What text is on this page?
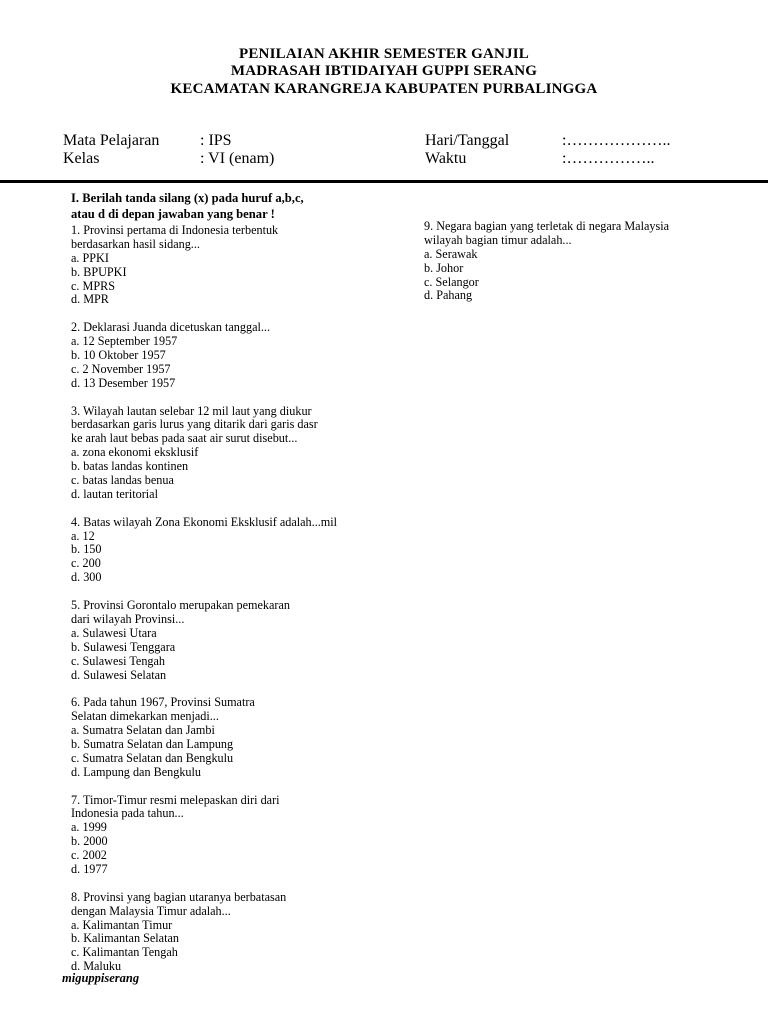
PENILAIAN AKHIR SEMESTER GANJIL
MADRASAH IBTIDAIYAH GUPPI SERANG
KECAMATAN KARANGREJA KABUPATEN PURBALINGGA
Mata Pelajaran	: IPS
Kelas	: VI (enam)
Hari/Tanggal	:………………..
Waktu	:……………..
I. Berilah tanda silang (x) pada huruf a,b,c,
atau d di depan jawaban yang benar !
1. Provinsi pertama di Indonesia terbentuk
berdasarkan hasil sidang...
a. PPKI
b. BPUPKI
c. MPRS
d. MPR
2. Deklarasi Juanda dicetuskan tanggal...
a. 12 September 1957
b. 10 Oktober 1957
c. 2 November 1957
d. 13 Desember 1957
3. Wilayah lautan selebar 12 mil laut yang diukur
berdasarkan garis lurus yang ditarik dari garis dasr
ke arah laut bebas pada saat air surut disebut...
a. zona ekonomi eksklusif
b. batas landas kontinen
c. batas landas benua
d. lautan teritorial
4. Batas wilayah Zona Ekonomi Eksklusif adalah...mil
a. 12
b. 150
c. 200
d. 300
5. Provinsi Gorontalo merupakan pemekaran
dari wilayah Provinsi...
a. Sulawesi Utara
b. Sulawesi Tenggara
c. Sulawesi Tengah
d. Sulawesi Selatan
6. Pada tahun 1967, Provinsi Sumatra
Selatan dimekarkan menjadi...
a. Sumatra Selatan dan Jambi
b. Sumatra Selatan dan Lampung
c. Sumatra Selatan dan Bengkulu
d. Lampung dan Bengkulu
7. Timor-Timur resmi melepaskan diri dari
Indonesia pada tahun...
a. 1999
b. 2000
c. 2002
d. 1977
8. Provinsi yang bagian utaranya berbatasan
dengan Malaysia Timur adalah...
a. Kalimantan Timur
b. Kalimantan Selatan
c. Kalimantan Tengah
d. Maluku
9. Negara bagian yang terletak di negara Malaysia
wilayah bagian timur adalah...
a. Serawak
b. Johor
c. Selangor
d. Pahang
miguppiserang
